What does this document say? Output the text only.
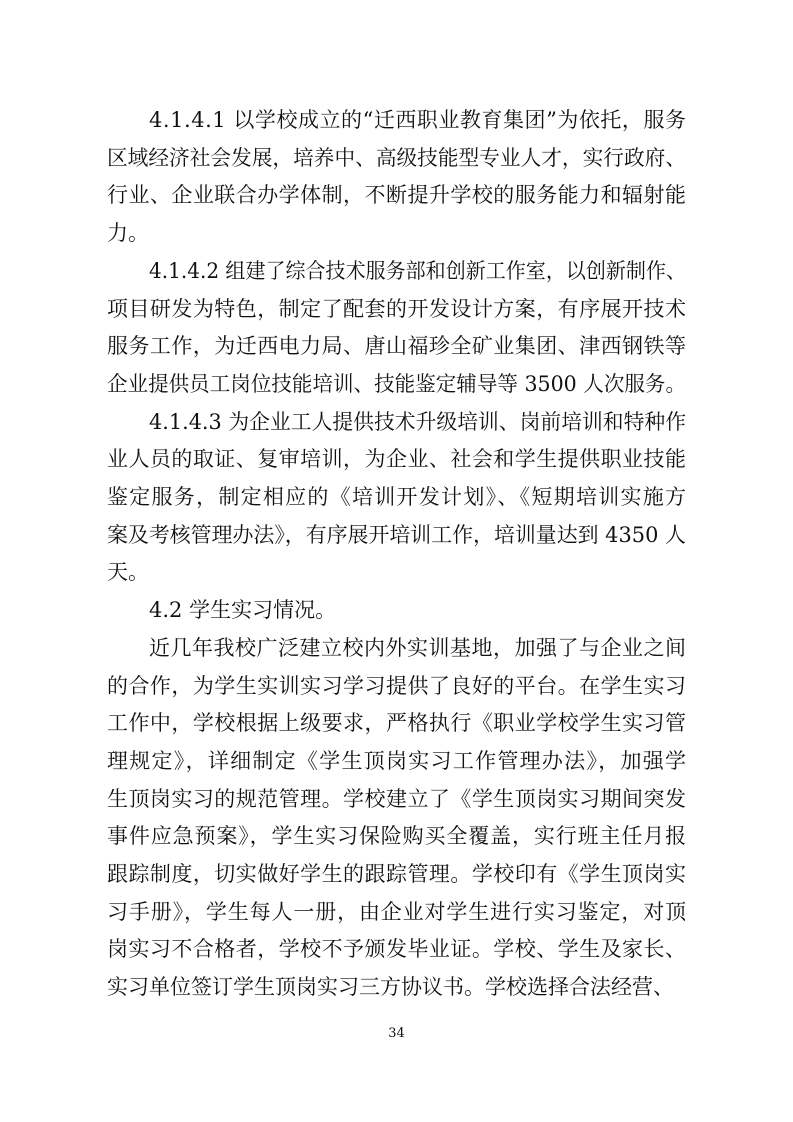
4.1.4.1 以学校成立的“迁西职业教育集团”为依托，服务
区域经济社会发展，培养中、高级技能型专业人才，实行政府、
行业、企业联合办学体制，不断提升学校的服务能力和辐射能
力。
4.1.4.2 组建了综合技术服务部和创新工作室，以创新制作、
项目研发为特色，制定了配套的开发设计方案，有序展开技术
服务工作，为迁西电力局、唐山福珍全矿业集团、津西钢铁等
企业提供员工岗位技能培训、技能鉴定辅导等 3500 人次服务。
4.1.4.3 为企业工人提供技术升级培训、岗前培训和特种作
业人员的取证、复审培训，为企业、社会和学生提供职业技能
鉴定服务，制定相应的《培训开发计划》、《短期培训实施方
案及考核管理办法》，有序展开培训工作，培训量达到 4350 人
天。
4.2 学生实习情况。
近几年我校广泛建立校内外实训基地，加强了与企业之间
的合作，为学生实训实习学习提供了良好的平台。在学生实习
工作中，学校根据上级要求，严格执行《职业学校学生实习管
理规定》，详细制定《学生顶岗实习工作管理办法》，加强学
生顶岗实习的规范管理。学校建立了《学生顶岗实习期间突发
事件应急预案》，学生实习保险购买全覆盖，实行班主任月报
跟踪制度，切实做好学生的跟踪管理。学校印有《学生顶岗实
习手册》，学生每人一册，由企业对学生进行实习鉴定，对顶
岗实习不合格者，学校不予颁发毕业证。学校、学生及家长、
实习单位签订学生顶岗实习三方协议书。学校选择合法经营、
34
